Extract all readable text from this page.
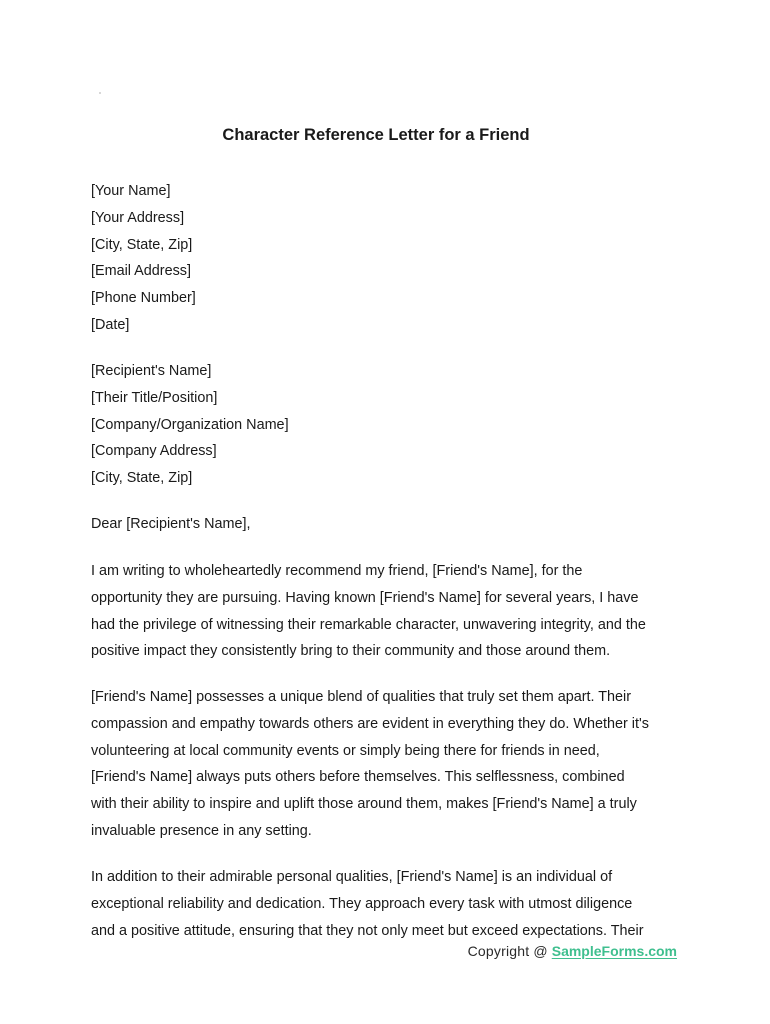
Character Reference Letter for a Friend
[Your Name]
[Your Address]
[City, State, Zip]
[Email Address]
[Phone Number]
[Date]
[Recipient's Name]
[Their Title/Position]
[Company/Organization Name]
[Company Address]
[City, State, Zip]

Dear [Recipient's Name],

I am writing to wholeheartedly recommend my friend, [Friend's Name], for the
opportunity they are pursuing. Having known [Friend's Name] for several years, I have
had the privilege of witnessing their remarkable character, unwavering integrity, and the
positive impact they consistently bring to their community and those around them.

[Friend's Name] possesses a unique blend of qualities that truly set them apart. Their
compassion and empathy towards others are evident in everything they do. Whether it's
volunteering at local community events or simply being there for friends in need,
[Friend's Name] always puts others before themselves. This selflessness, combined
with their ability to inspire and uplift those around them, makes [Friend's Name] a truly
invaluable presence in any setting.

In addition to their admirable personal qualities, [Friend's Name] is an individual of
exceptional reliability and dedication. They approach every task with utmost diligence
and a positive attitude, ensuring that they not only meet but exceed expectations. Their

Copyright @ SampleForms.com
